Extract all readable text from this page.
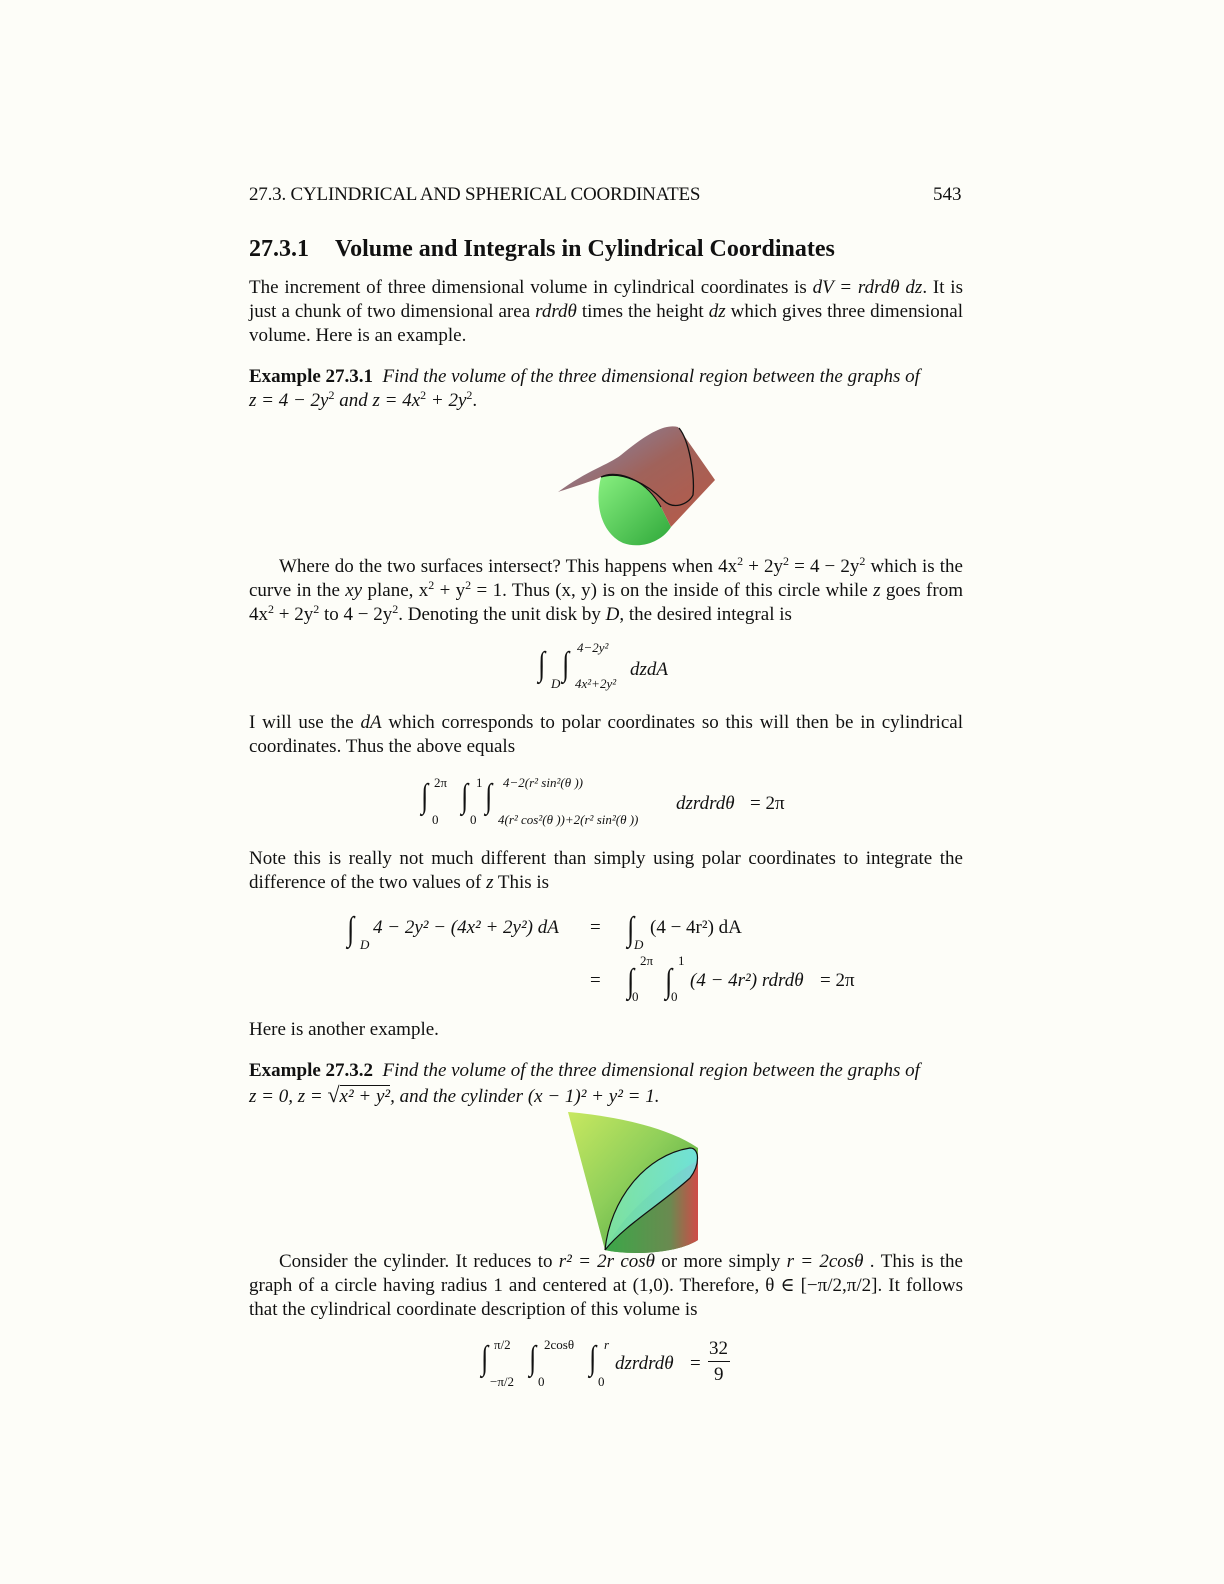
27.3. CYLINDRICAL AND SPHERICAL COORDINATES	543
27.3.1 Volume and Integrals in Cylindrical Coordinates

The increment of three dimensional volume in cylindrical coordinates is dV = rdrdθ dz. It is just a chunk of two dimensional area rdrdθ times the height dz which gives three dimensional volume. Here is an example.

Example 27.3.1 Find the volume of the three dimensional region between the graphs of
$z = 4 - 2y^2$ and $z = 4x^2 + 2y^2$.

Where do the two surfaces intersect? This happens when $4x^2 + 2y^2 = 4 - 2y^2$ which is the curve in the xy plane, $x^2 + y^2 = 1$. Thus (x, y) is on the inside of this circle while z goes from $4x^2 + 2y^2$ to $4 - 2y^2$. Denoting the unit disk by D, the desired integral is

∫
D
∫ 4−2y²
4x²+2y²
dzdA

I will use the dA which corresponds to polar coordinates so this will then be in cylindrical coordinates. Thus the above equals

∫ 2π
0
∫ 1
0
∫ 4−2(r² sin²(θ ))
4(r² cos²(θ ))+2(r² sin²(θ ))
dzrdrdθ = 2π

Note this is really not much different than simply using polar coordinates to integrate the difference of the two values of z This is

∫ D
4 − 2y² − (4x² + 2y²) dA = ∫ D
(4 − 4r²) dA
= ∫
2π
0 ∫
1
0
(4 − 4r²) rdrdθ = 2π

Here is another example.

Example 27.3.2 Find the volume of the three dimensional region between the graphs of
z = 0, z = √x² + y², and the cylinder (x − 1)² + y² = 1.

Consider the cylinder. It reduces to r² = 2r cosθ or more simply r = 2cosθ . This is the graph of a circle having radius 1 and centered at (1,0). Therefore, θ ∈ [−π/2,π/2]. It follows that the cylindrical coordinate description of this volume is

∫ π/2
−π/2
∫ 2cosθ
0
∫ r
0
dzrdrdθ =
32
9
